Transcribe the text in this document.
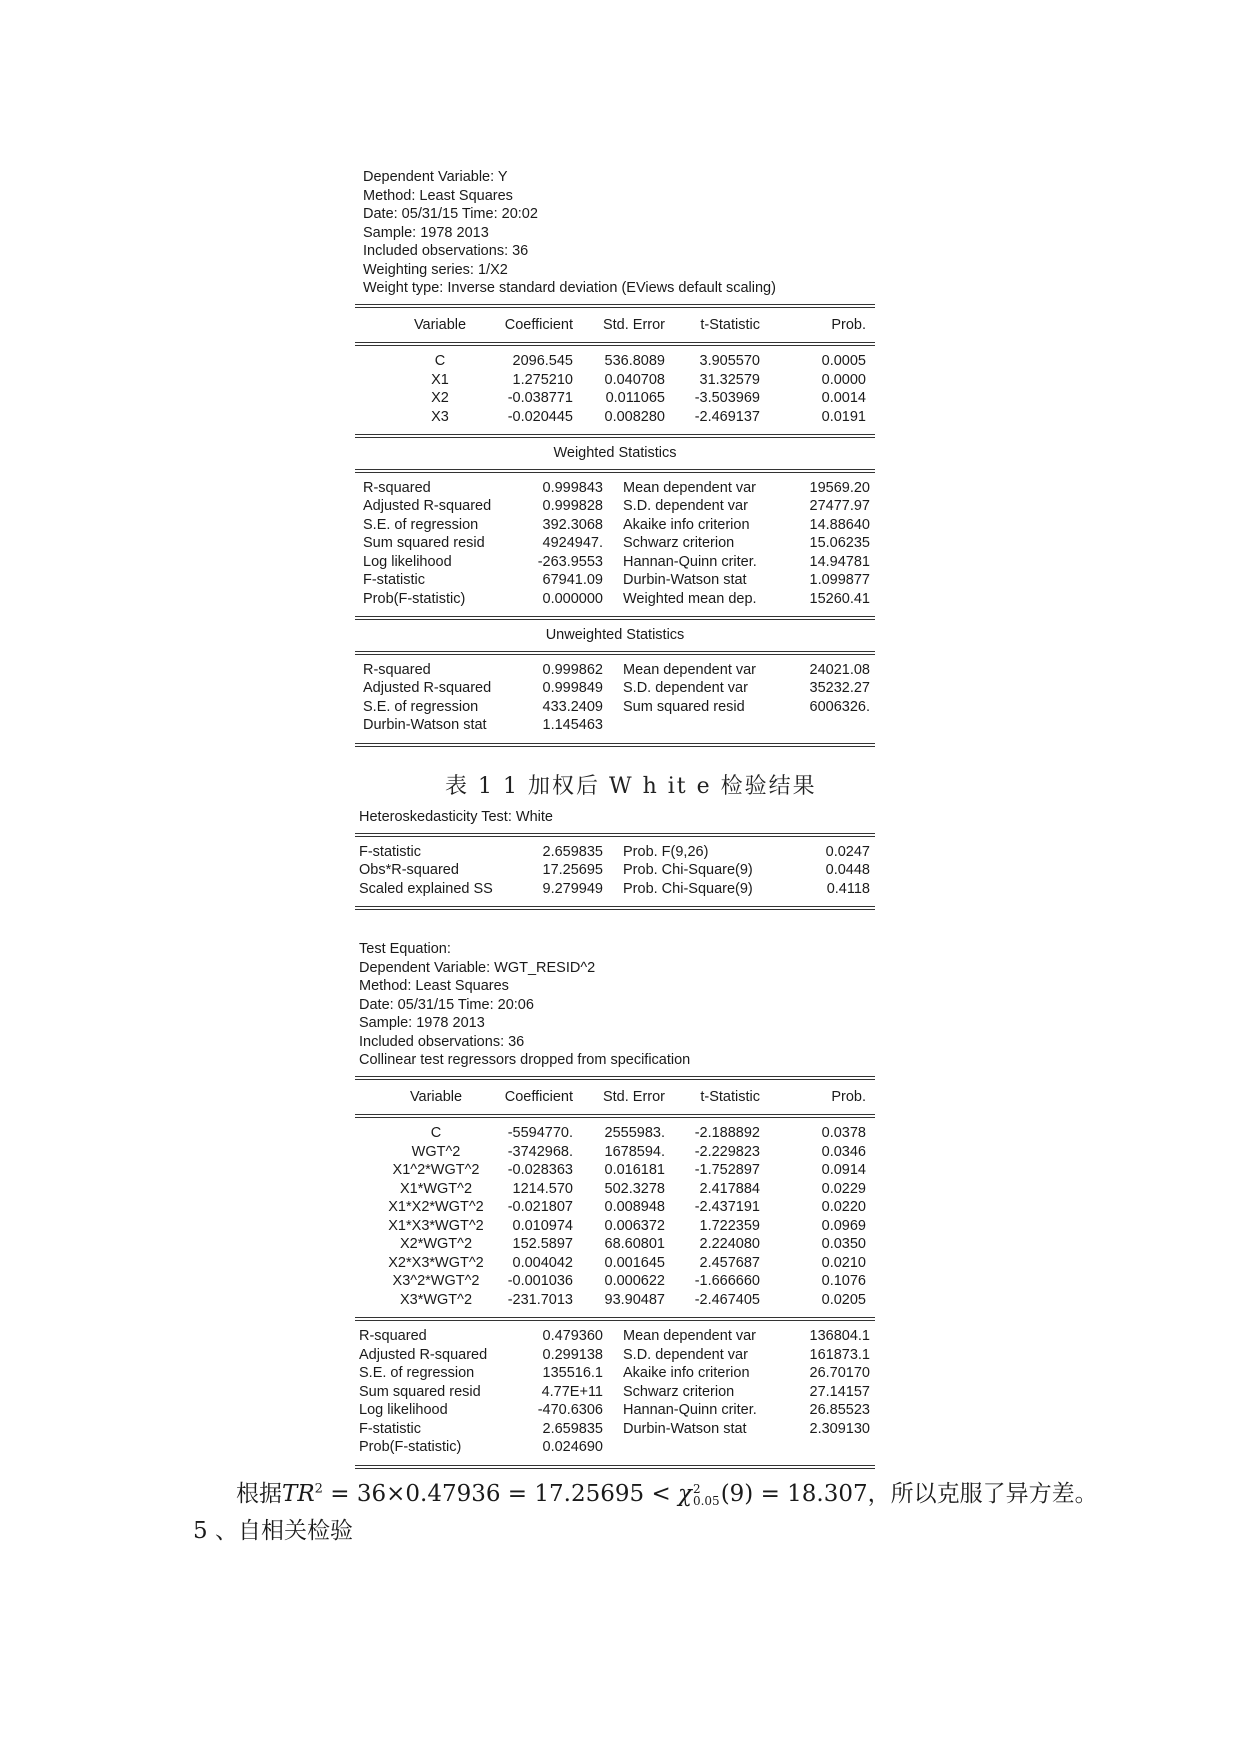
Dependent Variable: Y
Method: Least Squares
Date: 05/31/15 Time: 20:02
Sample: 1978 2013
Included observations: 36
Weighting series: 1/X2
Weight type: Inverse standard deviation (EViews default scaling)
Variable	Coefficient Std. Error t-Statistic	Prob.
C	2096.545 536.8089 3.905570	0.0005
X1	1.275210 0.040708 31.32579	0.0000
X2	-0.038771 0.011065 -3.503969	0.0014
X3	-0.020445 0.008280 -2.469137	0.0191
Weighted Statistics
R-squared	0.999843 Mean dependent var	19569.20
Adjusted R-squared	0.999828 S.D. dependent var	27477.97
S.E. of regression	392.3068 Akaike info criterion	14.88640
Sum squared resid	4924947. Schwarz criterion	15.06235
Log likelihood	-263.9553 Hannan-Quinn criter.	14.94781
F-statistic	67941.09 Durbin-Watson stat	1.099877
Prob(F-statistic)	0.000000 Weighted mean dep.	15260.41
Unweighted Statistics
R-squared	0.999862 Mean dependent var	24021.08
Adjusted R-squared	0.999849 S.D. dependent var	35232.27
S.E. of regression	433.2409 Sum squared resid	6006326.
Durbin-Watson stat	1.145463
表 1 1 加权后 W h it e 检验结果
Heteroskedasticity Test: White
F-statistic	2.659835 Prob. F(9,26)	0.0247
Obs*R-squared	17.25695 Prob. Chi-Square(9)	0.0448
Scaled explained SS	9.279949 Prob. Chi-Square(9)	0.4118
Test Equation:
Dependent Variable: WGT_RESID^2
Method: Least Squares
Date: 05/31/15 Time: 20:06
Sample: 1978 2013
Included observations: 36
Collinear test regressors dropped from specification
Variable	Coefficient Std. Error t-Statistic	Prob.
C	-5594770. 2555983. -2.188892	0.0378
WGT^2	-3742968. 1678594. -2.229823	0.0346
X1^2*WGT^2	-0.028363 0.016181 -1.752897	0.0914
X1*WGT^2	1214.570 502.3278 2.417884	0.0229
X1*X2*WGT^2	-0.021807 0.008948 -2.437191	0.0220
X1*X3*WGT^2	0.010974 0.006372 1.722359	0.0969
X2*WGT^2	152.5897 68.60801 2.224080	0.0350
X2*X3*WGT^2	0.004042 0.001645 2.457687	0.0210
X3^2*WGT^2	-0.001036 0.000622 -1.666660	0.1076
X3*WGT^2	-231.7013 93.90487 -2.467405	0.0205
R-squared	0.479360 Mean dependent var	136804.1
Adjusted R-squared	0.299138 S.D. dependent var	161873.1
S.E. of regression	135516.1 Akaike info criterion	26.70170
Sum squared resid	4.77E+11 Schwarz criterion	27.14157
Log likelihood	-470.6306 Hannan-Quinn criter.	26.85523
F-statistic	2.659835 Durbin-Watson stat	2.309130
Prob(F-statistic)	0.024690
根据$TR^2 = 36\times 0.47936 = 17.25695 < \chi$ 2
0.05 (9) = 18.307，所以克服了异方差。
5 、自相关检验
